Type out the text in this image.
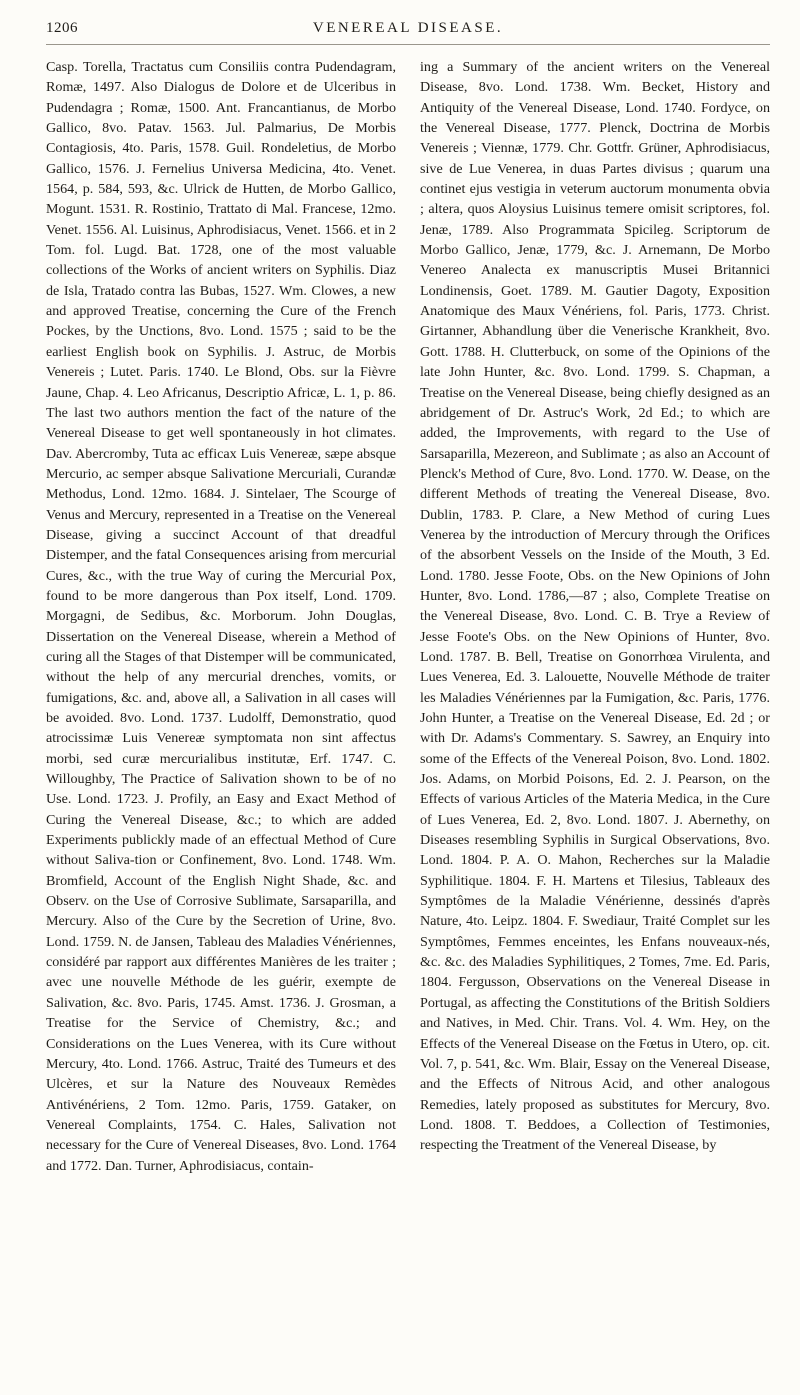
1206	VENEREAL DISEASE.

Casp. Torella, Tractatus cum Consiliis contra Pudendagram, Romæ, 1497. Also Dialogus de Dolore et de Ulceribus in Pudendagra ; Romæ, 1500. Ant. Francantianus, de Morbo Gallico, 8vo. Patav. 1563. Jul. Palmarius, De Morbis Contagiosis, 4to. Paris, 1578. Guil. Rondeletius, de Morbo Gallico, 1576. J. Fernelius Universa Medicina, 4to. Venet. 1564, p. 584, 593, &c. Ulrick de Hutten, de Morbo Gallico, Mogunt. 1531. R. Rostinio, Trattato di Mal. Francese, 12mo. Venet. 1556. Al. Luisinus, Aphrodisiacus, Venet. 1566. et in 2 Tom. fol. Lugd. Bat. 1728, one of the most valuable collections of the Works of ancient writers on Syphilis. Diaz de Isla, Tratado contra las Bubas, 1527. Wm. Clowes, a new and approved Treatise, concerning the Cure of the French Pockes, by the Unctions, 8vo. Lond. 1575 ; said to be the earliest English book on Syphilis. J. Astruc, de Morbis Venereis ; Lutet. Paris. 1740. Le Blond, Obs. sur la Fièvre Jaune, Chap. 4. Leo Africanus, Descriptio Africæ, L. 1, p. 86. The last two authors mention the fact of the nature of the Venereal Disease to get well spontaneously in hot climates. Dav. Abercromby, Tuta ac efficax Luis Venereæ, sæpe absque Mercurio, ac semper absque Salivatione Mercuriali, Curandæ Methodus, Lond. 12mo. 1684. J. Sintelaer, The Scourge of Venus and Mercury, represented in a Treatise on the Venereal Disease, giving a succinct Account of that dreadful Distemper, and the fatal Consequences arising from mercurial Cures, &c., with the true Way of curing the Mercurial Pox, found to be more dangerous than Pox itself, Lond. 1709. Morgagni, de Sedibus, &c. Morborum. John Douglas, Dissertation on the Venereal Disease, wherein a Method of curing all the Stages of that Distemper will be communicated, without the help of any mercurial drenches, vomits, or fumigations, &c. and, above all, a Salivation in all cases will be avoided. 8vo. Lond. 1737. Ludolff, Demonstratio, quod atrocissimæ Luis Venereæ symptomata non sint affectus morbi, sed curæ mercurialibus institutæ, Erf. 1747. C. Willoughby, The Practice of Salivation shown to be of no Use. Lond. 1723. J. Profily, an Easy and Exact Method of Curing the Venereal Disease, &c.; to which are added Experiments publickly made of an effectual Method of Cure without Saliva-tion or Confinement, 8vo. Lond. 1748. Wm. Bromfield, Account of the English Night Shade, &c. and Observ. on the Use of Corrosive Sublimate, Sarsaparilla, and Mercury. Also of the Cure by the Secretion of Urine, 8vo. Lond. 1759. N. de Jansen, Tableau des Maladies Vénériennes, considéré par rapport aux différentes Manières de les traiter ; avec une nouvelle Méthode de les guérir, exempte de Salivation, &c. 8vo. Paris, 1745. Amst. 1736. J. Grosman, a Treatise for the Service of Chemistry, &c.; and Considerations on the Lues Venerea, with its Cure without Mercury, 4to. Lond. 1766. Astruc, Traité des Tumeurs et des Ulcères, et sur la Nature des Nouveaux Remèdes Antivénériens, 2 Tom. 12mo. Paris, 1759. Gataker, on Venereal Complaints, 1754. C. Hales, Salivation not necessary for the Cure of Venereal Diseases, 8vo. Lond. 1764 and 1772. Dan. Turner, Aphrodisiacus, contain-

ing a Summary of the ancient writers on the Venereal Disease, 8vo. Lond. 1738. Wm. Becket, History and Antiquity of the Venereal Disease, Lond. 1740. Fordyce, on the Venereal Disease, 1777. Plenck, Doctrina de Morbis Venereis ; Viennæ, 1779. Chr. Gottfr. Grüner, Aphrodisiacus, sive de Lue Venerea, in duas Partes divisus ; quarum una continet ejus vestigia in veterum auctorum monumenta obvia ; altera, quos Aloysius Luisinus temere omisit scriptores, fol. Jenæ, 1789. Also Programmata Spicileg. Scriptorum de Morbo Gallico, Jenæ, 1779, &c. J. Arnemann, De Morbo Venereo Analecta ex manuscriptis Musei Britannici Londinensis, Goet. 1789. M. Gautier Dagoty, Exposition Anatomique des Maux Vénériens, fol. Paris, 1773. Christ. Girtanner, Abhandlung über die Venerische Krankheit, 8vo. Gott. 1788. H. Clutterbuck, on some of the Opinions of the late John Hunter, &c. 8vo. Lond. 1799. S. Chapman, a Treatise on the Venereal Disease, being chiefly designed as an abridgement of Dr. Astruc's Work, 2d Ed.; to which are added, the Improvements, with regard to the Use of Sarsaparilla, Mezereon, and Sublimate ; as also an Account of Plenck's Method of Cure, 8vo. Lond. 1770. W. Dease, on the different Methods of treating the Venereal Disease, 8vo. Dublin, 1783. P. Clare, a New Method of curing Lues Venerea by the introduction of Mercury through the Orifices of the absorbent Vessels on the Inside of the Mouth, 3 Ed. Lond. 1780. Jesse Foote, Obs. on the New Opinions of John Hunter, 8vo. Lond. 1786,—87 ; also, Complete Treatise on the Venereal Disease, 8vo. Lond. C. B. Trye a Review of Jesse Foote's Obs. on the New Opinions of Hunter, 8vo. Lond. 1787. B. Bell, Treatise on Gonorrhœa Virulenta, and Lues Venerea, Ed. 3. Lalouette, Nouvelle Méthode de traiter les Maladies Vénériennes par la Fumigation, &c. Paris, 1776. John Hunter, a Treatise on the Venereal Disease, Ed. 2d ; or with Dr. Adams's Commentary. S. Sawrey, an Enquiry into some of the Effects of the Venereal Poison, 8vo. Lond. 1802. Jos. Adams, on Morbid Poisons, Ed. 2. J. Pearson, on the Effects of various Articles of the Materia Medica, in the Cure of Lues Venerea, Ed. 2, 8vo. Lond. 1807. J. Abernethy, on Diseases resembling Syphilis in Surgical Observations, 8vo. Lond. 1804. P. A. O. Mahon, Recherches sur la Maladie Syphilitique. 1804. F. H. Martens et Tilesius, Tableaux des Symptômes de la Maladie Vénérienne, dessinés d'après Nature, 4to. Leipz. 1804. F. Swediaur, Traité Complet sur les Symptômes, Femmes enceintes, les Enfans nouveaux-nés, &c. &c. des Maladies Syphilitiques, 2 Tomes, 7me. Ed. Paris, 1804. Fergusson, Observations on the Venereal Disease in Portugal, as affecting the Constitutions of the British Soldiers and Natives, in Med. Chir. Trans. Vol. 4. Wm. Hey, on the Effects of the Venereal Disease on the Fœtus in Utero, op. cit. Vol. 7, p. 541, &c. Wm. Blair, Essay on the Venereal Disease, and the Effects of Nitrous Acid, and other analogous Remedies, lately proposed as substitutes for Mercury, 8vo. Lond. 1808. T. Beddoes, a Collection of Testimonies, respecting the Treatment of the Venereal Disease, by
